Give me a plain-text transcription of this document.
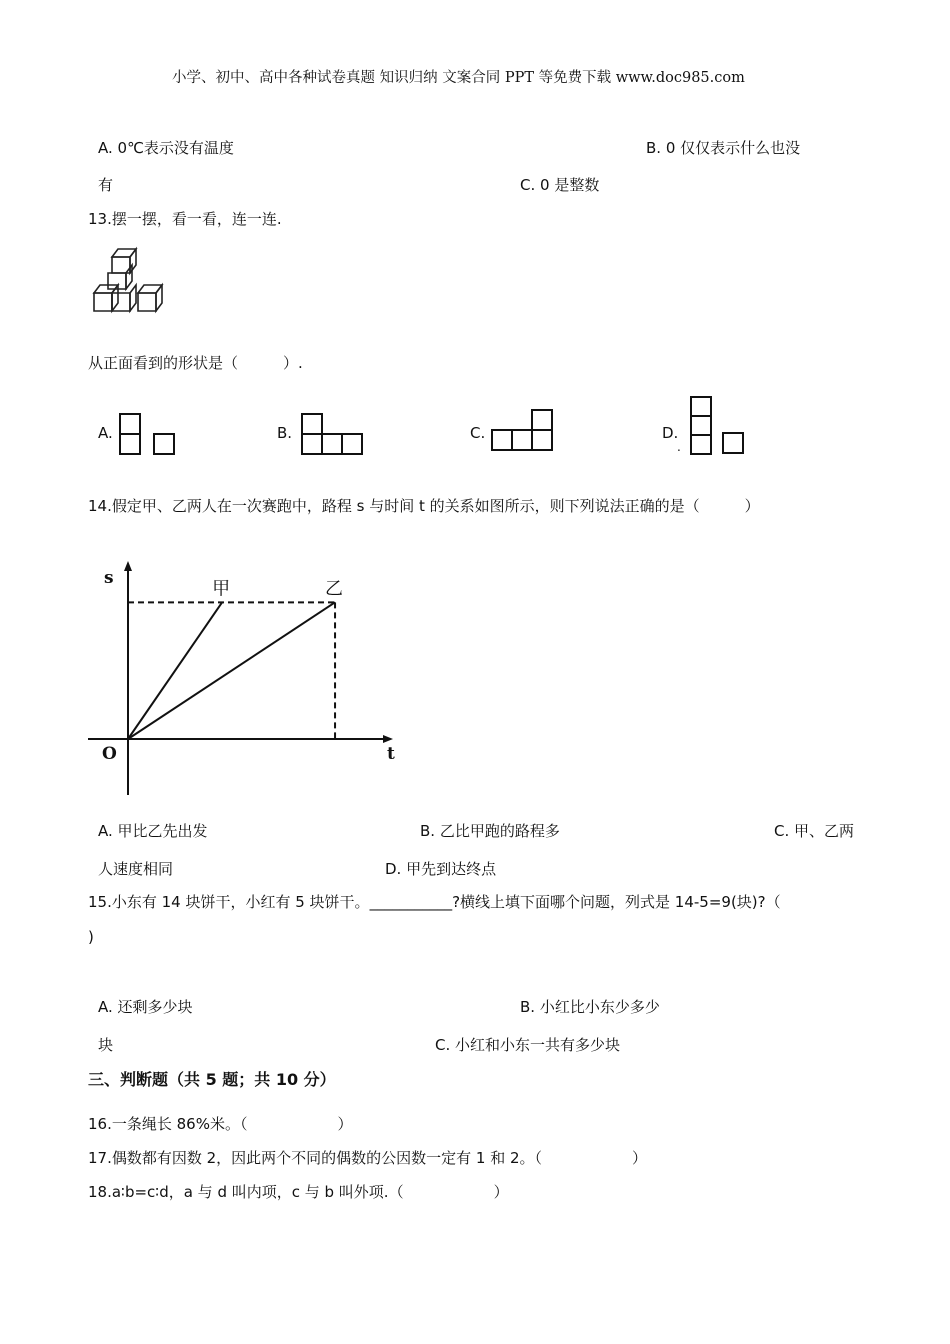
小学、初中、高中各种试卷真题 知识归纳 文案合同 PPT 等免费下载 www.doc985.com
A. 0℃表示没有温度	B. 0 仅仅表示什么也没
有	C. 0 是整数
13.摆一摆，看一看，连一连.
从正面看到的形状是（　　　）.
A.	B.	C.	D.
.
14.假定甲、乙两人在一次赛跑中，路程 s 与时间 t 的关系如图所示，则下列说法正确的是（　　　）
甲	乙
s
t
O
A. 甲比乙先出发	B. 乙比甲跑的路程多	C. 甲、乙两
人速度相同	D. 甲先到达终点
15.小东有 14 块饼干，小红有 5 块饼干。___________?横线上填下面哪个问题，列式是 14-5=9(块)?（
)
A. 还剩多少块	B. 小红比小东少多少
块	C. 小红和小东一共有多少块
三、判断题（共 5 题；共 10 分）
16.一条绳长 86%米。（　　　　　　）
17.偶数都有因数 2，因此两个不同的偶数的公因数一定有 1 和 2。（　　　　　　）
18.a∶b=c∶d，a 与 d 叫内项，c 与 b 叫外项.（　　　　　　）
